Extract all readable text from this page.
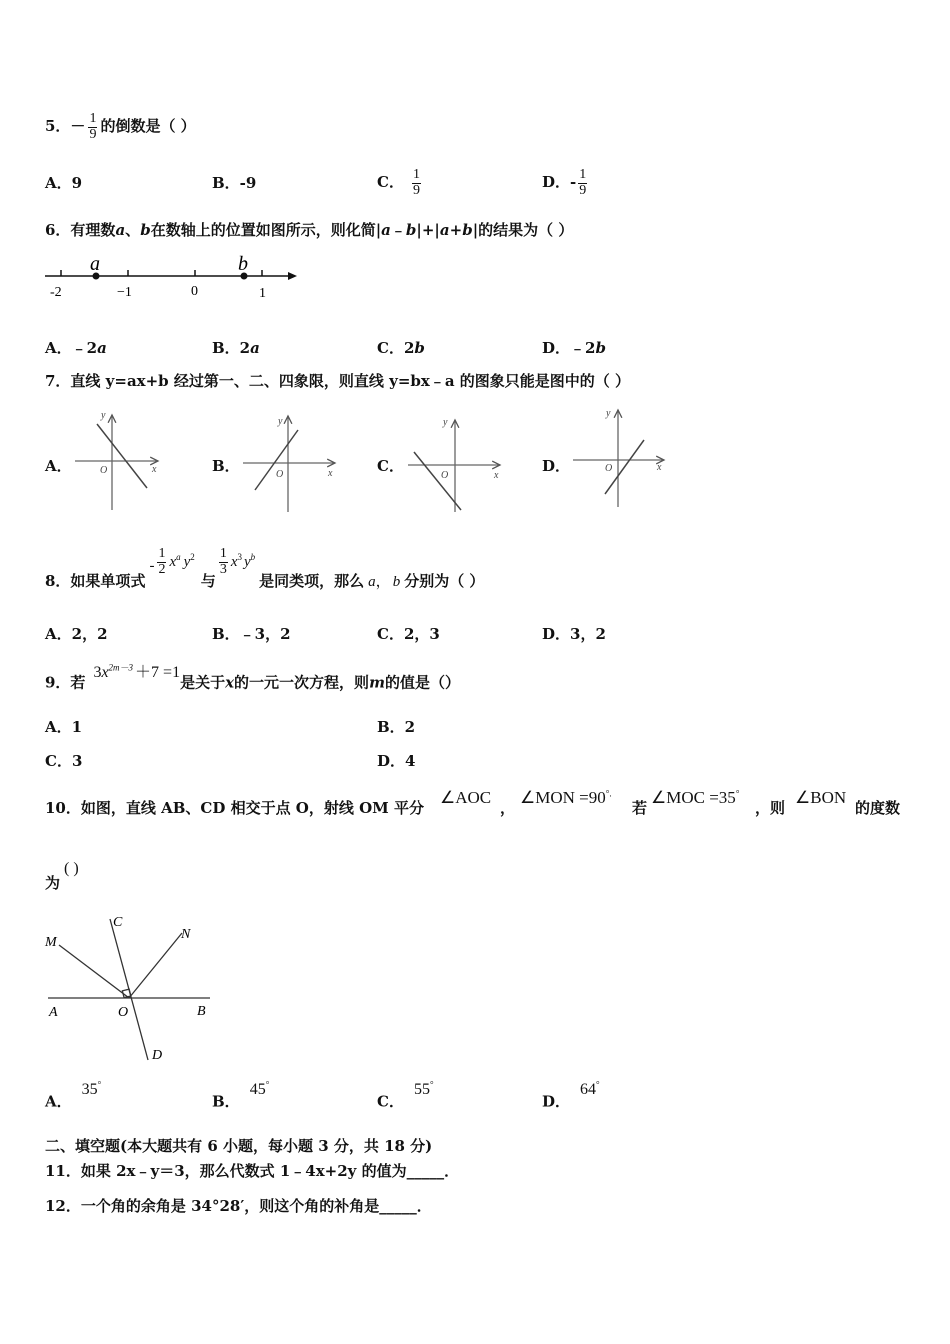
5．－ $\frac{1}{9}$ 的倒数是（ ）
A．9	B．-9	C． $\frac{1}{9}$	D．- $\frac{1}{9}$
6．有理数a、b在数轴上的位置如图所示，则化简|a﹣b|+|a+b|的结果为（ ）
a	b
-2	−1	0	1
A．﹣2a	B．2a	C．2b	D．﹣2b
7．直线 y=ax+b 经过第一、二、四象限，则直线 y=bx﹣a 的图象只能是图中的（ ）
A．	B．	C．	D．
y
x
O
y
x
O
y
x
O
y
x
O
8．如果单项式- $\frac{1}{2} x^a$ $y^2$与
$\frac{1}{3} x^3$ $y^b$是同类项，那么 a， b 分别为（ ）
A．2，2	B．﹣3，2	C．2，3	D．3，2
9．若$3x^{2m-3} +7 =1$是关于x的一元一次方程，则m的值是（）
A．1	B．2
C．3	D．4
10．如图，直线 AB、CD 相交于点 O，射线 OM 平分
∠AOC
，
∠MON =90°.
若
∠MOC =35°
，则
∠BON
的度数
为
( )
M
C
N
A	O	B
D
A．35°
B．45°
C．55°
D．64°
二、填空题(本大题共有 6 小题，每小题 3 分，共 18 分)
11．如果 2x﹣y＝3，那么代数式 1﹣4x+2y 的值为_____．
12．一个角的余角是 34°28′，则这个角的补角是_____．
